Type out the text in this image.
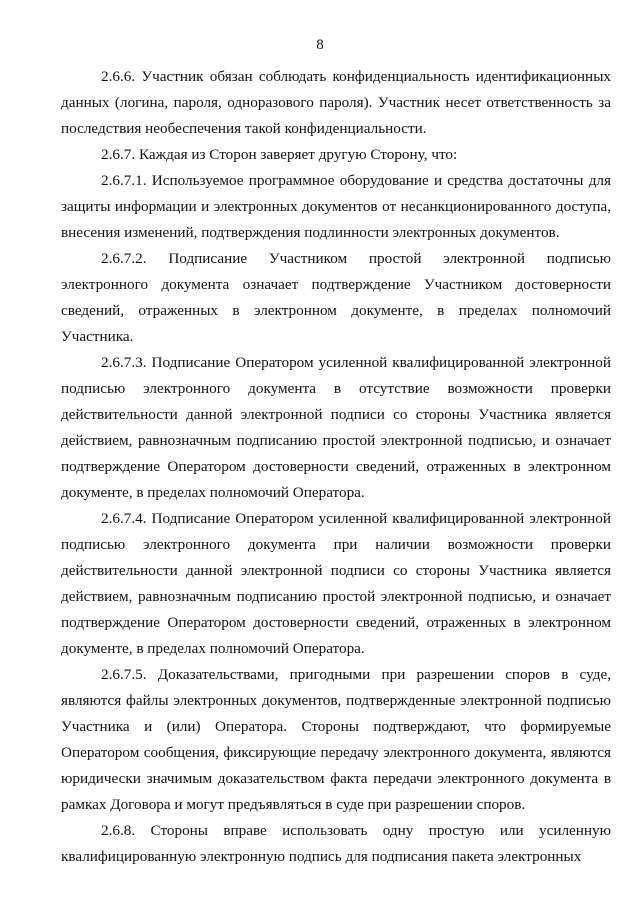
8

2.6.6. Участник обязан соблюдать конфиденциальность идентификационных данных (логина, пароля, одноразового пароля). Участник несет ответственность за последствия необеспечения такой конфиденциальности.

2.6.7. Каждая из Сторон заверяет другую Сторону, что:

2.6.7.1. Используемое программное оборудование и средства достаточны для защиты информации и электронных документов от несанкционированного доступа, внесения изменений, подтверждения подлинности электронных документов.

2.6.7.2. Подписание Участником простой электронной подписью электронного документа означает подтверждение Участником достоверности сведений, отраженных в электронном документе, в пределах полномочий Участника.

2.6.7.3. Подписание Оператором усиленной квалифицированной электронной подписью электронного документа в отсутствие возможности проверки действительности данной электронной подписи со стороны Участника является действием, равнозначным подписанию простой электронной подписью, и означает подтверждение Оператором достоверности сведений, отраженных в электронном документе, в пределах полномочий Оператора.

2.6.7.4. Подписание Оператором усиленной квалифицированной электронной подписью электронного документа при наличии возможности проверки действительности данной электронной подписи со стороны Участника является действием, равнозначным подписанию простой электронной подписью, и означает подтверждение Оператором достоверности сведений, отраженных в электронном документе, в пределах полномочий Оператора.

2.6.7.5. Доказательствами, пригодными при разрешении споров в суде, являются файлы электронных документов, подтвержденные электронной подписью Участника и (или) Оператора. Стороны подтверждают, что формируемые Оператором сообщения, фиксирующие передачу электронного документа, являются юридически значимым доказательством факта передачи электронного документа в рамках Договора и могут предъявляться в суде при разрешении споров.

2.6.8. Стороны вправе использовать одну простую или усиленную квалифицированную электронную подпись для подписания пакета электронных
